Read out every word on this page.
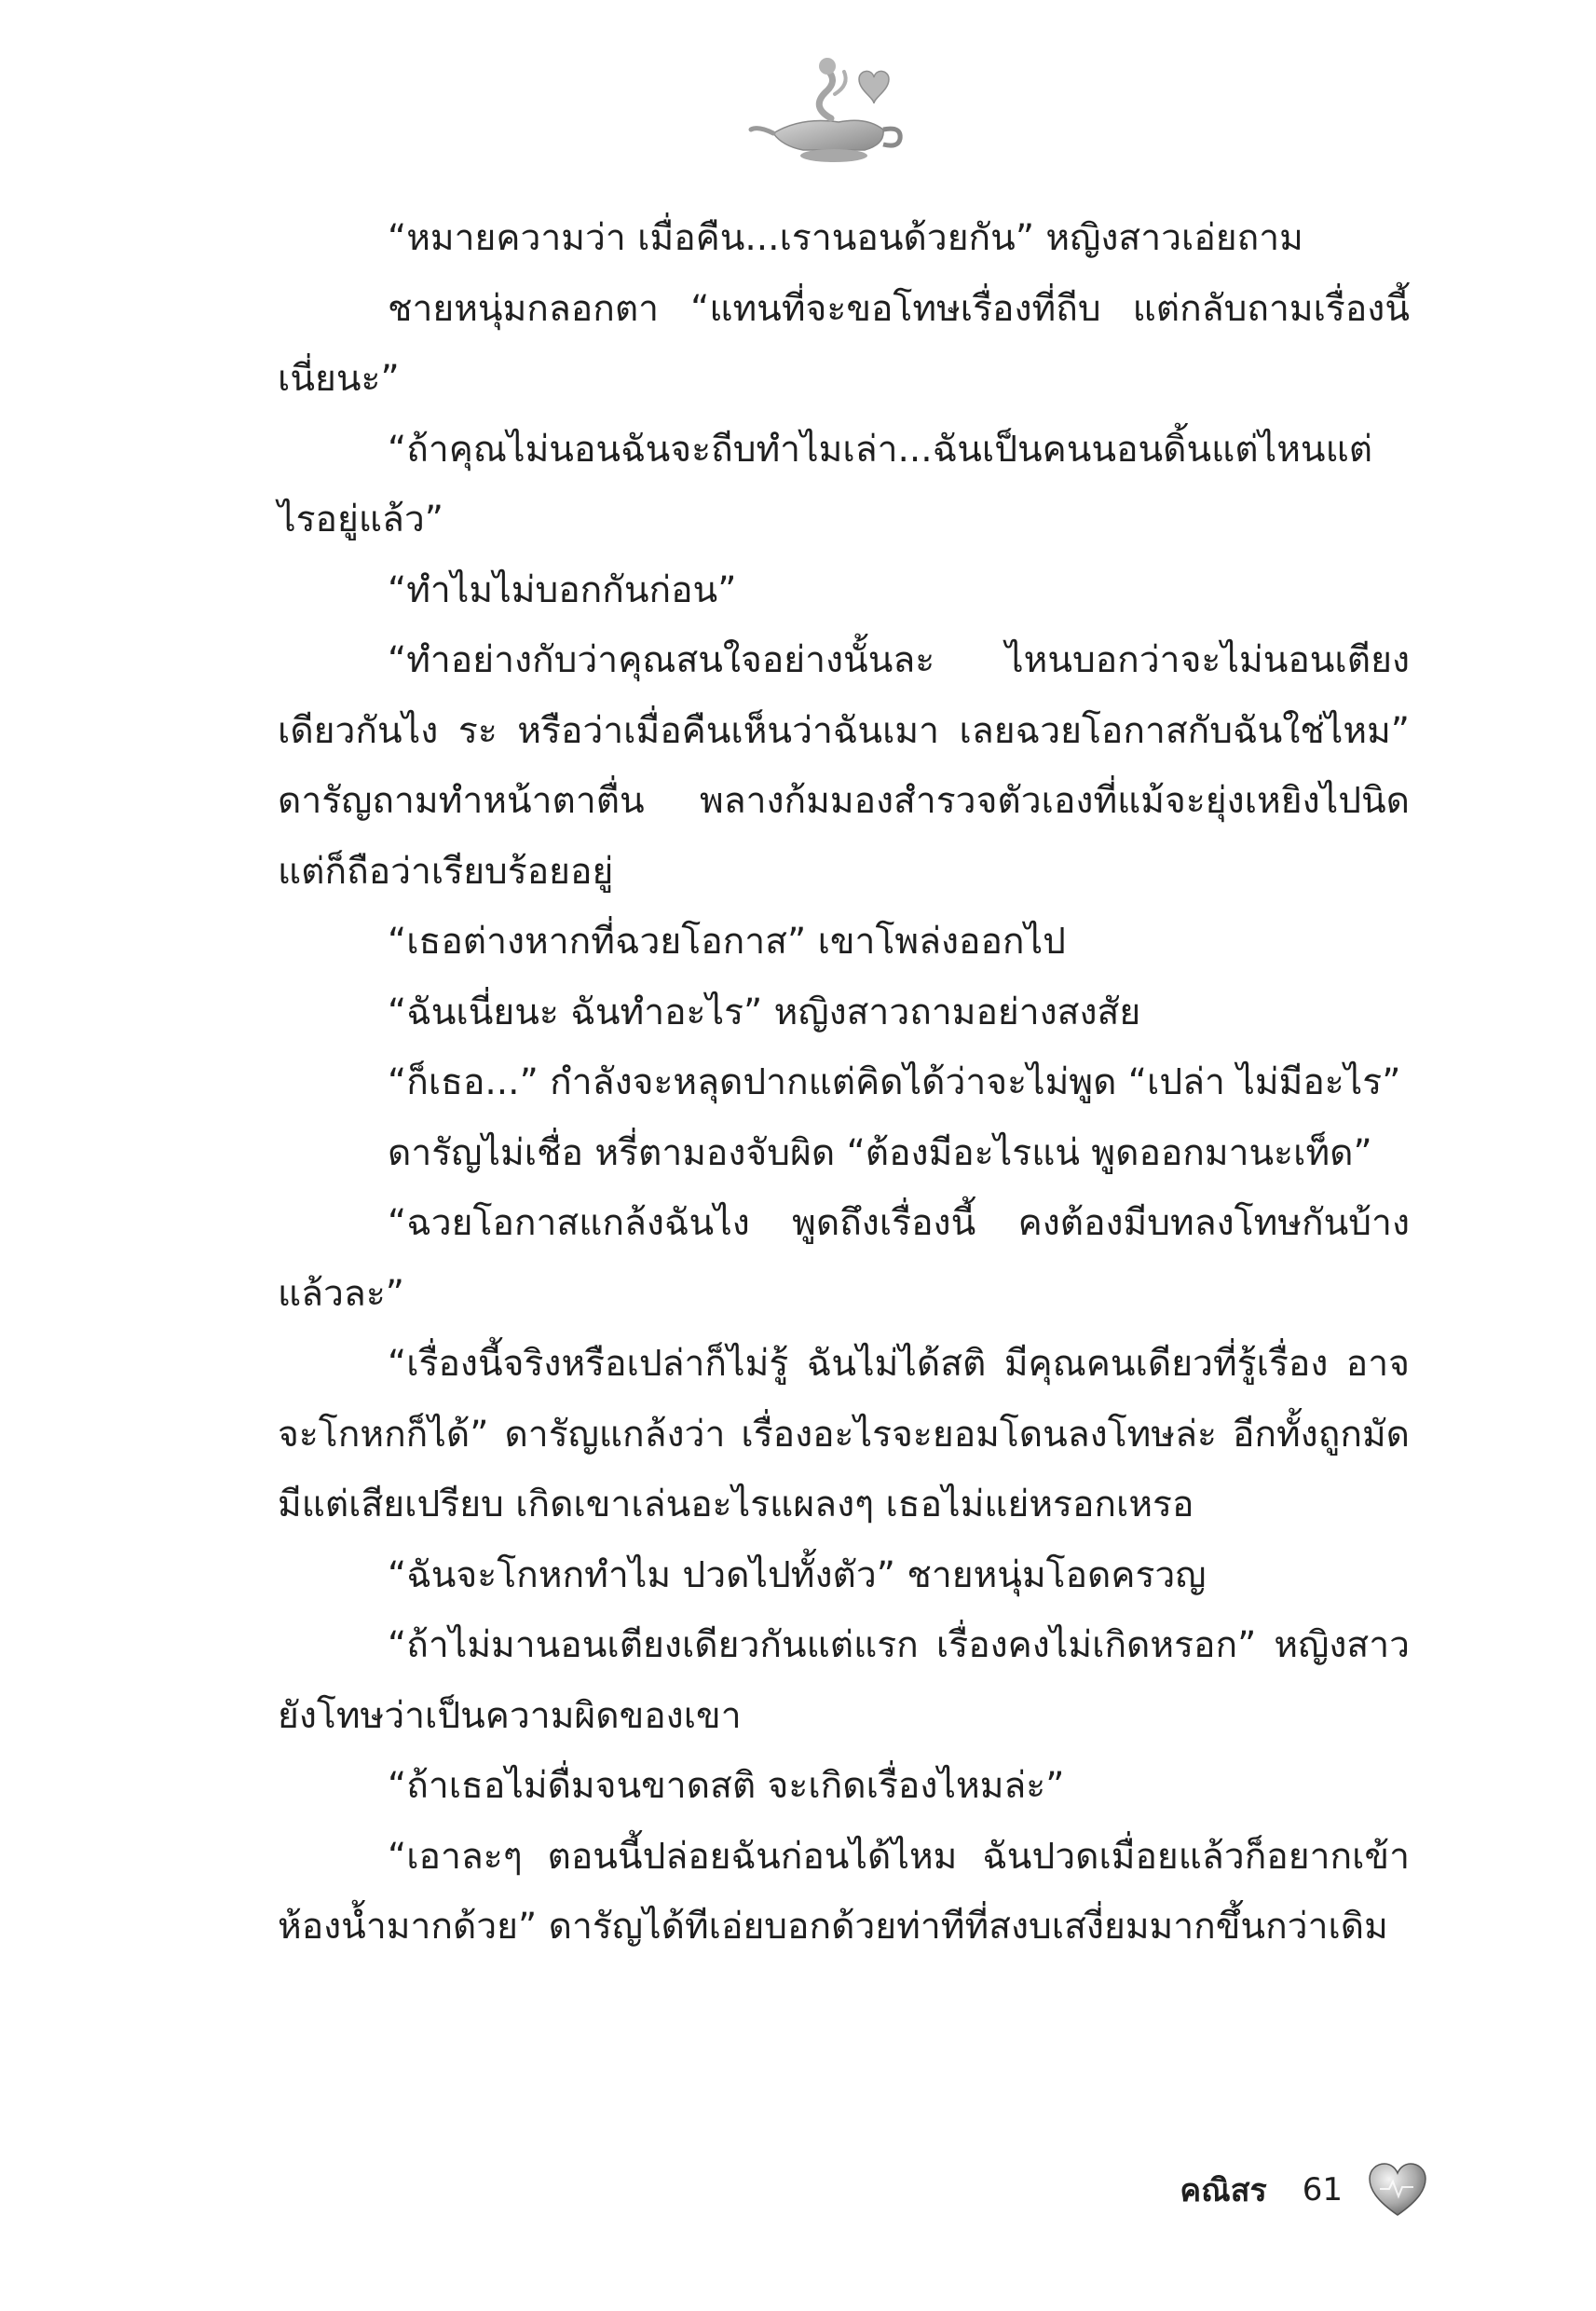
“หมายความว่า เมื่อคืน...เรานอนด้วยกัน” หญิงสาวเอ่ยถาม

ชายหนุ่มกลอกตา “แทนที่จะขอโทษเรื่องที่ถีบ แต่กลับถามเรื่องนี้เนี่ยนะ”

“ถ้าคุณไม่นอนฉันจะถีบทำไมเล่า...ฉันเป็นคนนอนดิ้นแต่ไหนแต่ไรอยู่แล้ว”

“ทำไมไม่บอกกันก่อน”

“ทำอย่างกับว่าคุณสนใจอย่างนั้นละ ไหนบอกว่าจะไม่นอนเตียงเดียวกันไง ระ หรือว่าเมื่อคืนเห็นว่าฉันเมา เลยฉวยโอกาสกับฉันใช่ไหม” ดารัญถามทำหน้าตาตื่น พลางก้มมองสำรวจตัวเองที่แม้จะยุ่งเหยิงไปนิดแต่ก็ถือว่าเรียบร้อยอยู่

“เธอต่างหากที่ฉวยโอกาส” เขาโพล่งออกไป

“ฉันเนี่ยนะ ฉันทำอะไร” หญิงสาวถามอย่างสงสัย

“ก็เธอ...” กำลังจะหลุดปากแต่คิดได้ว่าจะไม่พูด “เปล่า ไม่มีอะไร”

ดารัญไม่เชื่อ หรี่ตามองจับผิด “ต้องมีอะไรแน่ พูดออกมานะเท็ด”

“ฉวยโอกาสแกล้งฉันไง พูดถึงเรื่องนี้ คงต้องมีบทลงโทษกันบ้างแล้วละ”

“เรื่องนี้จริงหรือเปล่าก็ไม่รู้ ฉันไม่ได้สติ มีคุณคนเดียวที่รู้เรื่อง อาจจะโกหกก็ได้” ดารัญแกล้งว่า เรื่องอะไรจะยอมโดนลงโทษล่ะ อีกทั้งถูกมัด มีแต่เสียเปรียบ เกิดเขาเล่นอะไรแผลงๆ เธอไม่แย่หรอกเหรอ

“ฉันจะโกหกทำไม ปวดไปทั้งตัว” ชายหนุ่มโอดครวญ

“ถ้าไม่มานอนเตียงเดียวกันแต่แรก เรื่องคงไม่เกิดหรอก” หญิงสาวยังโทษว่าเป็นความผิดของเขา

“ถ้าเธอไม่ดื่มจนขาดสติ จะเกิดเรื่องไหมล่ะ”

“เอาละๆ ตอนนี้ปล่อยฉันก่อนได้ไหม ฉันปวดเมื่อยแล้วก็อยากเข้าห้องน้ำมากด้วย” ดารัญได้ทีเอ่ยบอกด้วยท่าทีที่สงบเสงี่ยมมากขึ้นกว่าเดิม

คณิสร 61
